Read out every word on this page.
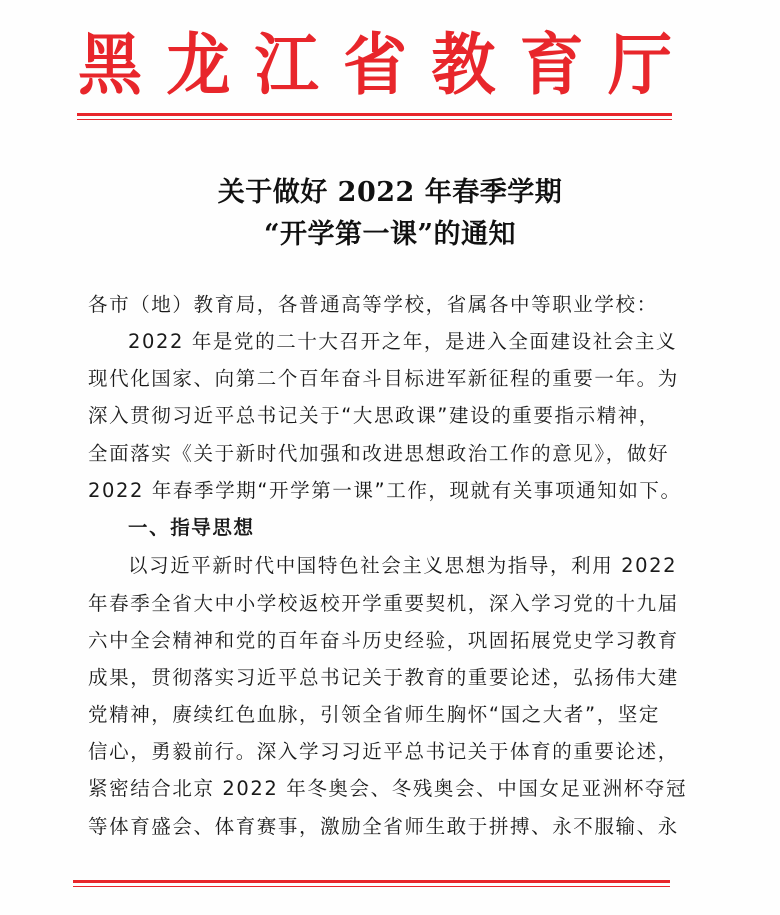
黑 龙 江 省 教 育 厅
关于做好 2022 年春季学期
“开学第一课”的通知
各市（地）教育局，各普通高等学校，省属各中等职业学校：
2022 年是党的二十大召开之年，是进入全面建设社会主义
现代化国家、向第二个百年奋斗目标进军新征程的重要一年。为
深入贯彻习近平总书记关于“大思政课”建设的重要指示精神，
全面落实《关于新时代加强和改进思想政治工作的意见》，做好
2022 年春季学期“开学第一课”工作，现就有关事项通知如下。
一、指导思想
以习近平新时代中国特色社会主义思想为指导，利用 2022
年春季全省大中小学校返校开学重要契机，深入学习党的十九届
六中全会精神和党的百年奋斗历史经验，巩固拓展党史学习教育
成果，贯彻落实习近平总书记关于教育的重要论述，弘扬伟大建
党精神，赓续红色血脉，引领全省师生胸怀“国之大者”，坚定
信心，勇毅前行。深入学习习近平总书记关于体育的重要论述，
紧密结合北京 2022 年冬奥会、冬残奥会、中国女足亚洲杯夺冠
等体育盛会、体育赛事，激励全省师生敢于拼搏、永不服输、永
